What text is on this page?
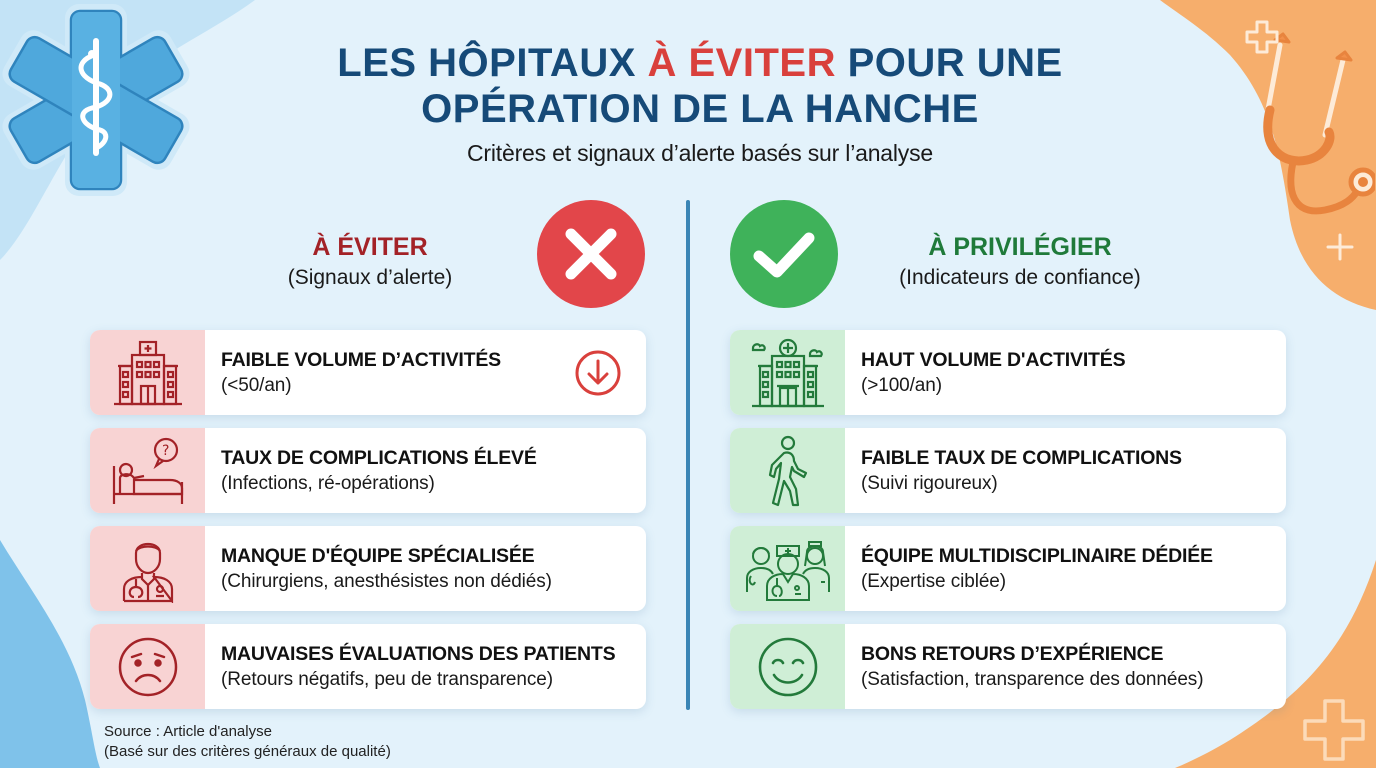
LES HÔPITAUX À ÉVITER POUR UNE
OPÉRATION DE LA HANCHE
Critères et signaux d’alerte basés sur l’analyse
À ÉVITER
(Signaux d’alerte)
À PRIVILÉGIER
(Indicateurs de confiance)
FAIBLE VOLUME D’ACTIVITÉS
(<50/an)
?	TAUX DE COMPLICATIONS ÉLEVÉ
(Infections, ré-opérations)
MANQUE D'ÉQUIPE SPÉCIALISÉE
(Chirurgiens, anesthésistes non dédiés)
MAUVAISES ÉVALUATIONS DES PATIENTS
(Retours négatifs, peu de transparence)
HAUT VOLUME D'ACTIVITÉS
(>100/an)
FAIBLE TAUX DE COMPLICATIONS
(Suivi rigoureux)
ÉQUIPE MULTIDISCIPLINAIRE DÉDIÉE
(Expertise ciblée)
BONS RETOURS D’EXPÉRIENCE
(Satisfaction, transparence des données)
Source : Article d'analyse
(Basé sur des critères généraux de qualité)
